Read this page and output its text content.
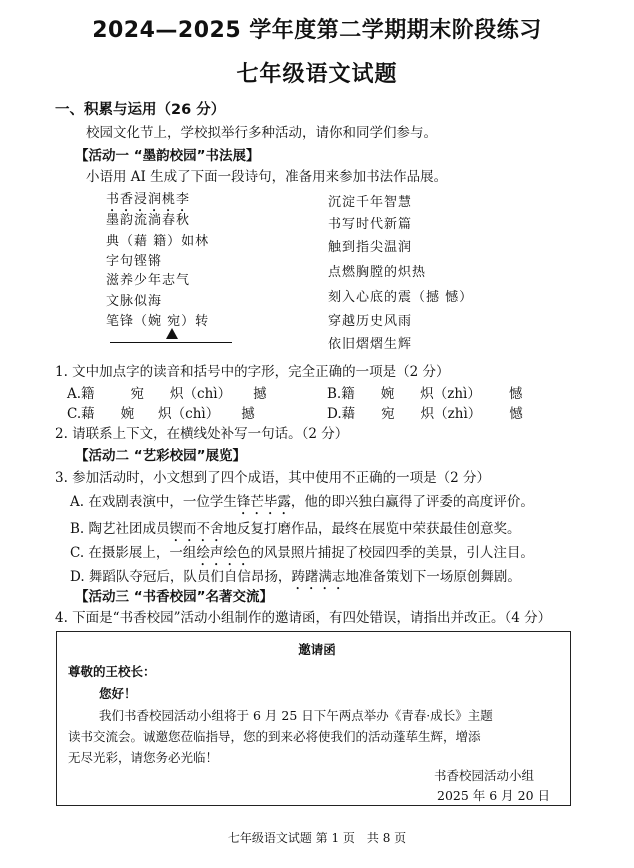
2024—2025 学年度第二学期期末阶段练习
七年级语文试题
一、积累与运用（26 分）
校园文化节上，学校拟举行多种活动，请你和同学们参与。
【活动一 “墨韵校园”书法展】
小语用 AI 生成了下面一段诗句，准备用来参加书法作品展。
书香浸润桃李
墨韵流淌春秋
典（藉 籍）如林
字句铿锵
滋养少年志气
文脉似海
笔锋（婉 宛）转
沉淀千年智慧
书写时代新篇
触到指尖温润
点燃胸膛的炽热
刻入心底的震（撼 憾）
穿越历史风雨
依旧熠熠生辉
1. 文中加点字的读音和括号中的字形，完全正确的一项是（2 分）
A.籍	宛 炽（chì） 撼	B.籍 婉 炽（zhì） 憾
C.藉 婉 炽（chì） 撼	D.藉 宛 炽（zhì） 憾
2. 请联系上下文，在横线处补写一句话。（2 分）
【活动二 “艺彩校园”展览】
3. 参加活动时，小文想到了四个成语，其中使用不正确的一项是（2 分）
A. 在戏剧表演中，一位学生锋芒毕露，他的即兴独白赢得了评委的高度评价。
B. 陶艺社团成员锲而不舍地反复打磨作品，最终在展览中荣获最佳创意奖。
C. 在摄影展上，一组绘声绘色的风景照片捕捉了校园四季的美景，引人注目。
D. 舞蹈队夺冠后，队员们自信昂扬，踌躇满志地准备策划下一场原创舞剧。
【活动三 “书香校园”名著交流】
4. 下面是“书香校园”活动小组制作的邀请函，有四处错误，请指出并改正。（4 分）
邀请函
尊敬的王校长：
您好！
我们书香校园活动小组将于 6 月 25 日下午两点举办《青春·成长》主题
读书交流会。诚邀您莅临指导，您的到来必将使我们的活动蓬荜生辉，增添
无尽光彩，请您务必光临！
书香校园活动小组
2025 年 6 月 20 日
七年级语文试题 第 1 页　共 8 页
